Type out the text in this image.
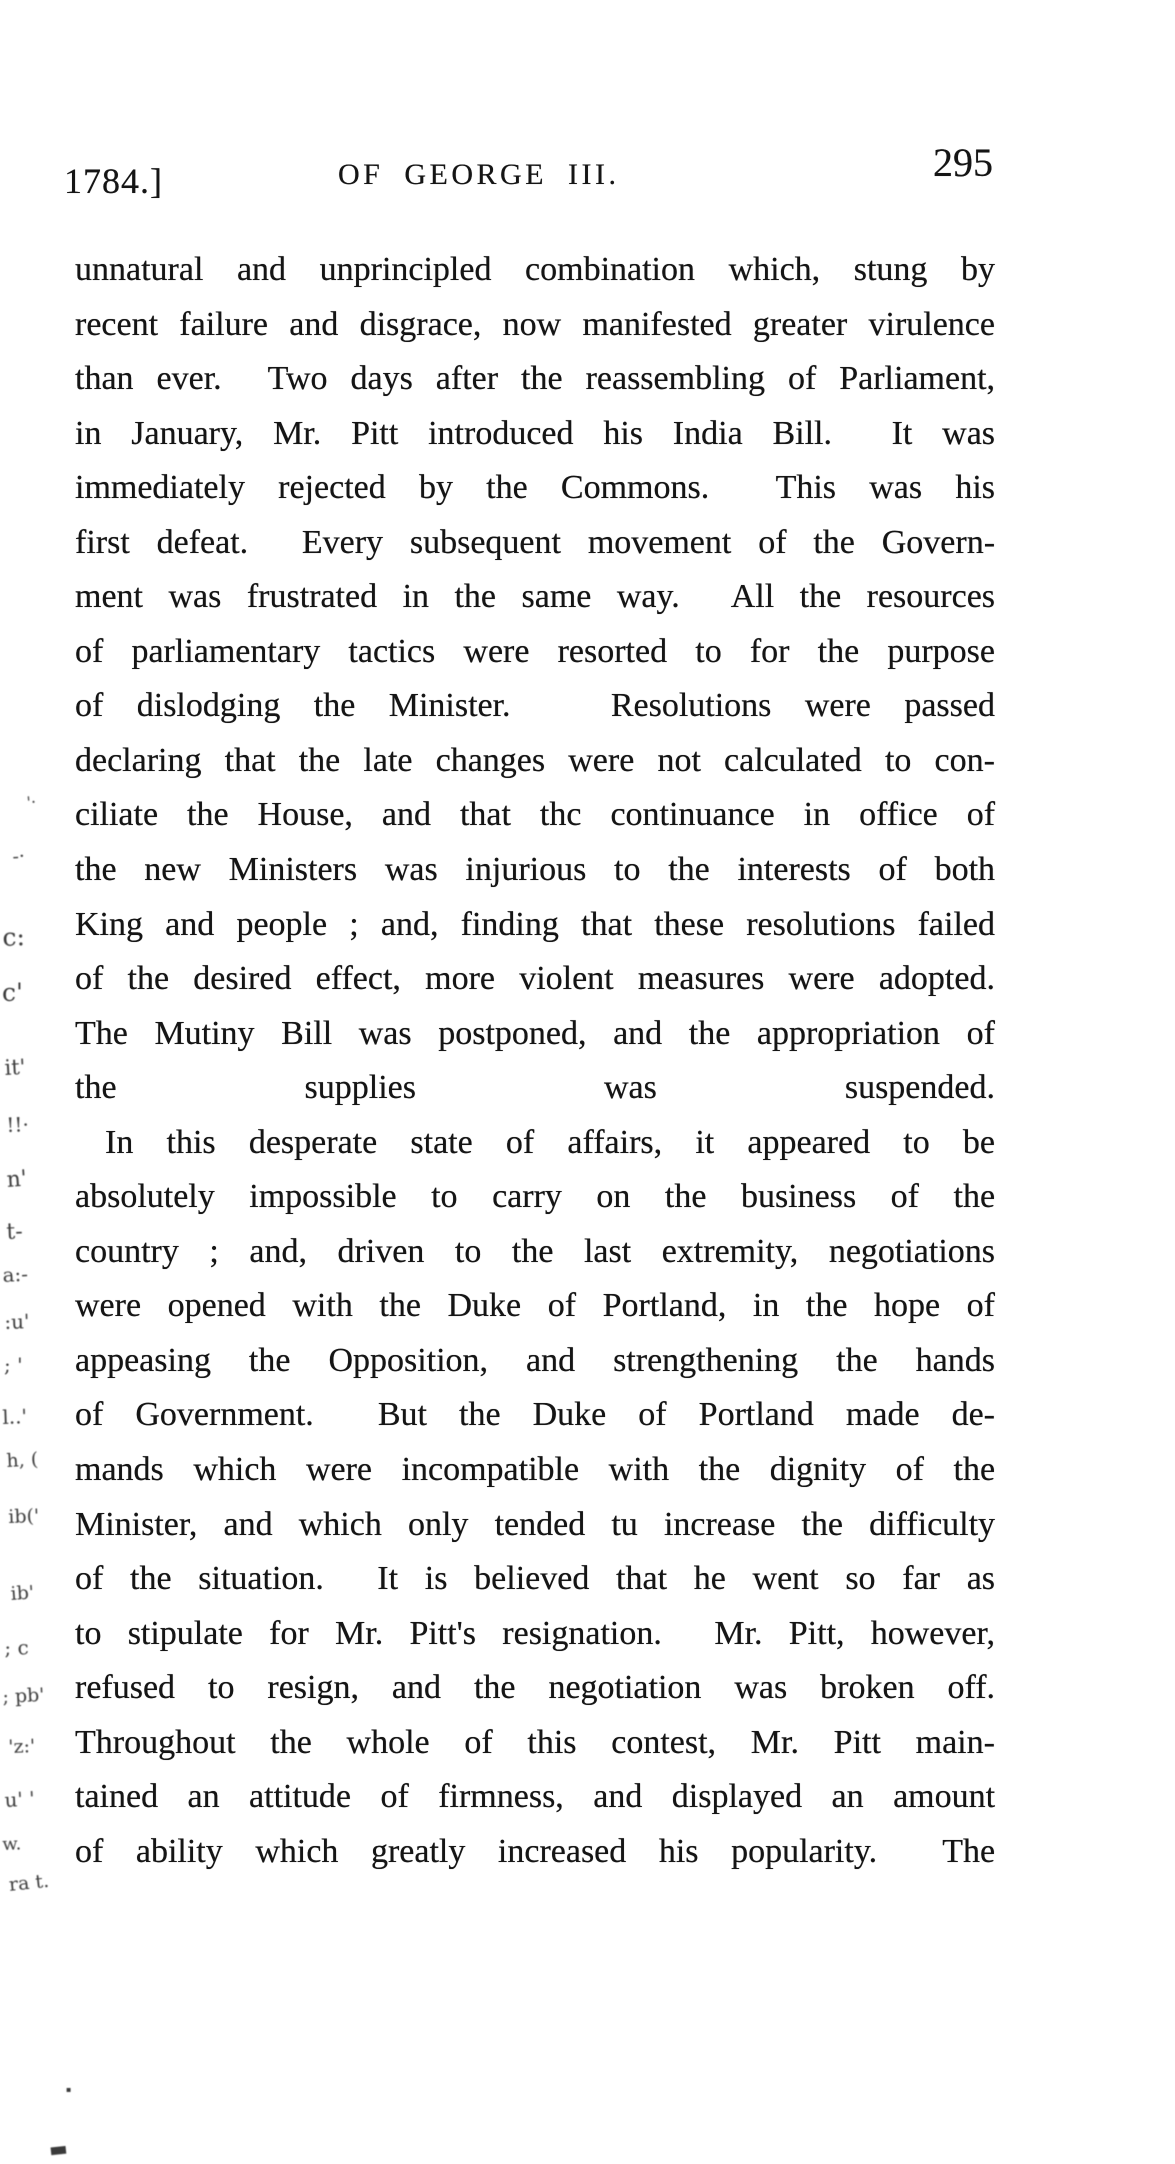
1784.]	OF GEORGE III.	295
unnatural and unprincipled combination which, stung by
recent failure and disgrace, now manifested greater virulence
than ever. Two days after the reassembling of Parliament,
in January, Mr. Pitt introduced his India Bill. It was
immediately rejected by the Commons. This was his
first defeat. Every subsequent movement of the Govern-
ment was frustrated in the same way. All the resources
of parliamentary tactics were resorted to for the purpose
of dislodging the Minister.	Resolutions were passed
declaring that the late changes were not calculated to con-
ciliate the House, and that thc continuance in office of
the new Ministers was injurious to the interests of both
King and people ; and, finding that these resolutions failed
of the desired effect, more violent measures were adopted.
The Mutiny Bill was postponed, and the appropriation of
the	supplies	was	suspended.
In this desperate state of affairs, it appeared to be
absolutely impossible to carry on the business of the
country ; and, driven to the last extremity, negotiations
were opened with the Duke of Portland, in the hope of
appeasing the Opposition, and strengthening the hands
of Government. But the Duke of Portland made de-
mands which were incompatible with the dignity of the
Minister, and which only tended tu increase the difficulty
of the situation. It is believed that he went so far as
to stipulate for Mr. Pitt's resignation. Mr. Pitt, however,
refused to resign, and the negotiation was broken off.
Throughout the whole of this contest, Mr. Pitt main-
tained an attitude of firmness, and displayed an amount
of ability which greatly increased his popularity. The
'·
-·
c:
c'
it'
!!·
n'
t-
a:-
:u'
; '
l..'
h, (
ib('
ib'
; c
; pb'
'z:'
u' '
w.
ra t.
▪
▄▖
